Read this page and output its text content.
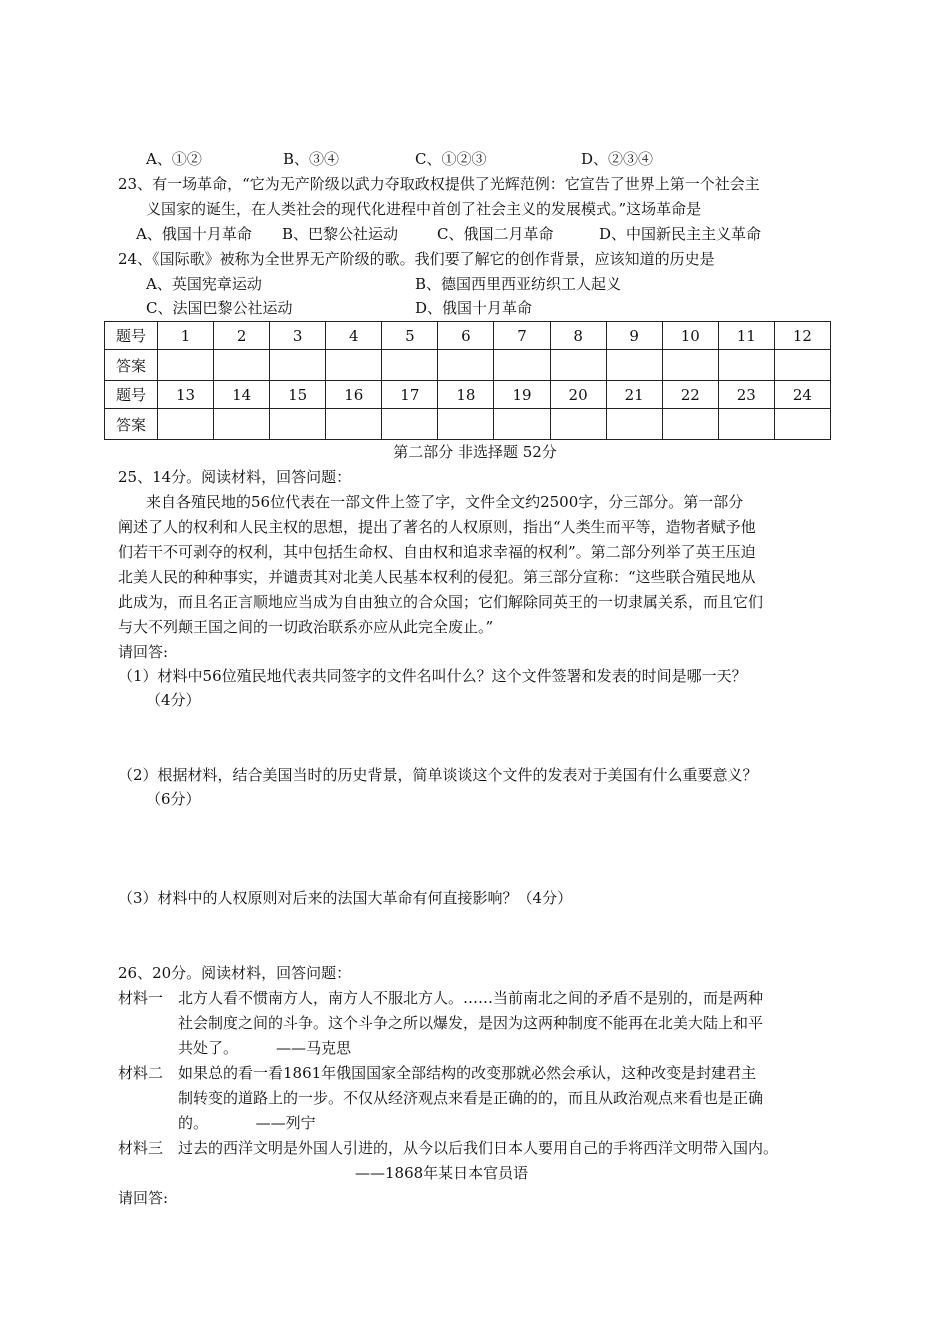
A、①②	B、③④	C、①②③	D、②③④
23、有一场革命，“它为无产阶级以武力夺取政权提供了光辉范例：它宣告了世界上第一个社会主
义国家的诞生，在人类社会的现代化进程中首创了社会主义的发展模式。”这场革命是
A、俄国十月革命 B、巴黎公社运动	C、俄国二月革命	D、中国新民主主义革命
24、《国际歌》被称为全世界无产阶级的歌。我们要了解它的创作背景，应该知道的历史是
A、英国宪章运动	B、德国西里西亚纺织工人起义
C、法国巴黎公社运动	D、俄国十月革命
题号	1	2	3	4	5	6	7	8	9	10	11	12
答案												
题号	13	14	15	16	17	18	19	20	21	22	23	24
答案												
第二部分 非选择题 52分
25、14分。阅读材料，回答问题：
来自各殖民地的56位代表在一部文件上签了字，文件全文约2500字，分三部分。第一部分
阐述了人的权利和人民主权的思想，提出了著名的人权原则，指出“人类生而平等，造物者赋予他
们若干不可剥夺的权利，其中包括生命权、自由权和追求幸福的权利”。第二部分列举了英王压迫
北美人民的种种事实，并谴责其对北美人民基本权利的侵犯。第三部分宣称：“这些联合殖民地从
此成为，而且名正言顺地应当成为自由独立的合众国；它们解除同英王的一切隶属关系，而且它们
与大不列颠王国之间的一切政治联系亦应从此完全废止。”
请回答:
（1）材料中56位殖民地代表共同签字的文件名叫什么？这个文件签署和发表的时间是哪一天？
（4分）
（2）根据材料，结合美国当时的历史背景，简单谈谈这个文件的发表对于美国有什么重要意义？
（6分）
（3）材料中的人权原则对后来的法国大革命有何直接影响？（4分）
26、20分。阅读材料，回答问题：
材料一 北方人看不惯南方人，南方人不服北方人。……当前南北之间的矛盾不是别的，而是两种
社会制度之间的斗争。这个斗争之所以爆发，是因为这两种制度不能再在北美大陆上和平
共处了。        ——马克思
材料二 如果总的看一看1861年俄国国家全部结构的改变那就必然会承认，这种改变是封建君主
制转变的道路上的一步。不仅从经济观点来看是正确的的，而且从政治观点来看也是正确
的。          ——列宁
材料三 过去的西洋文明是外国人引进的，从今以后我们日本人要用自己的手将西洋文明带入国内。
——1868年某日本官员语
请回答:
